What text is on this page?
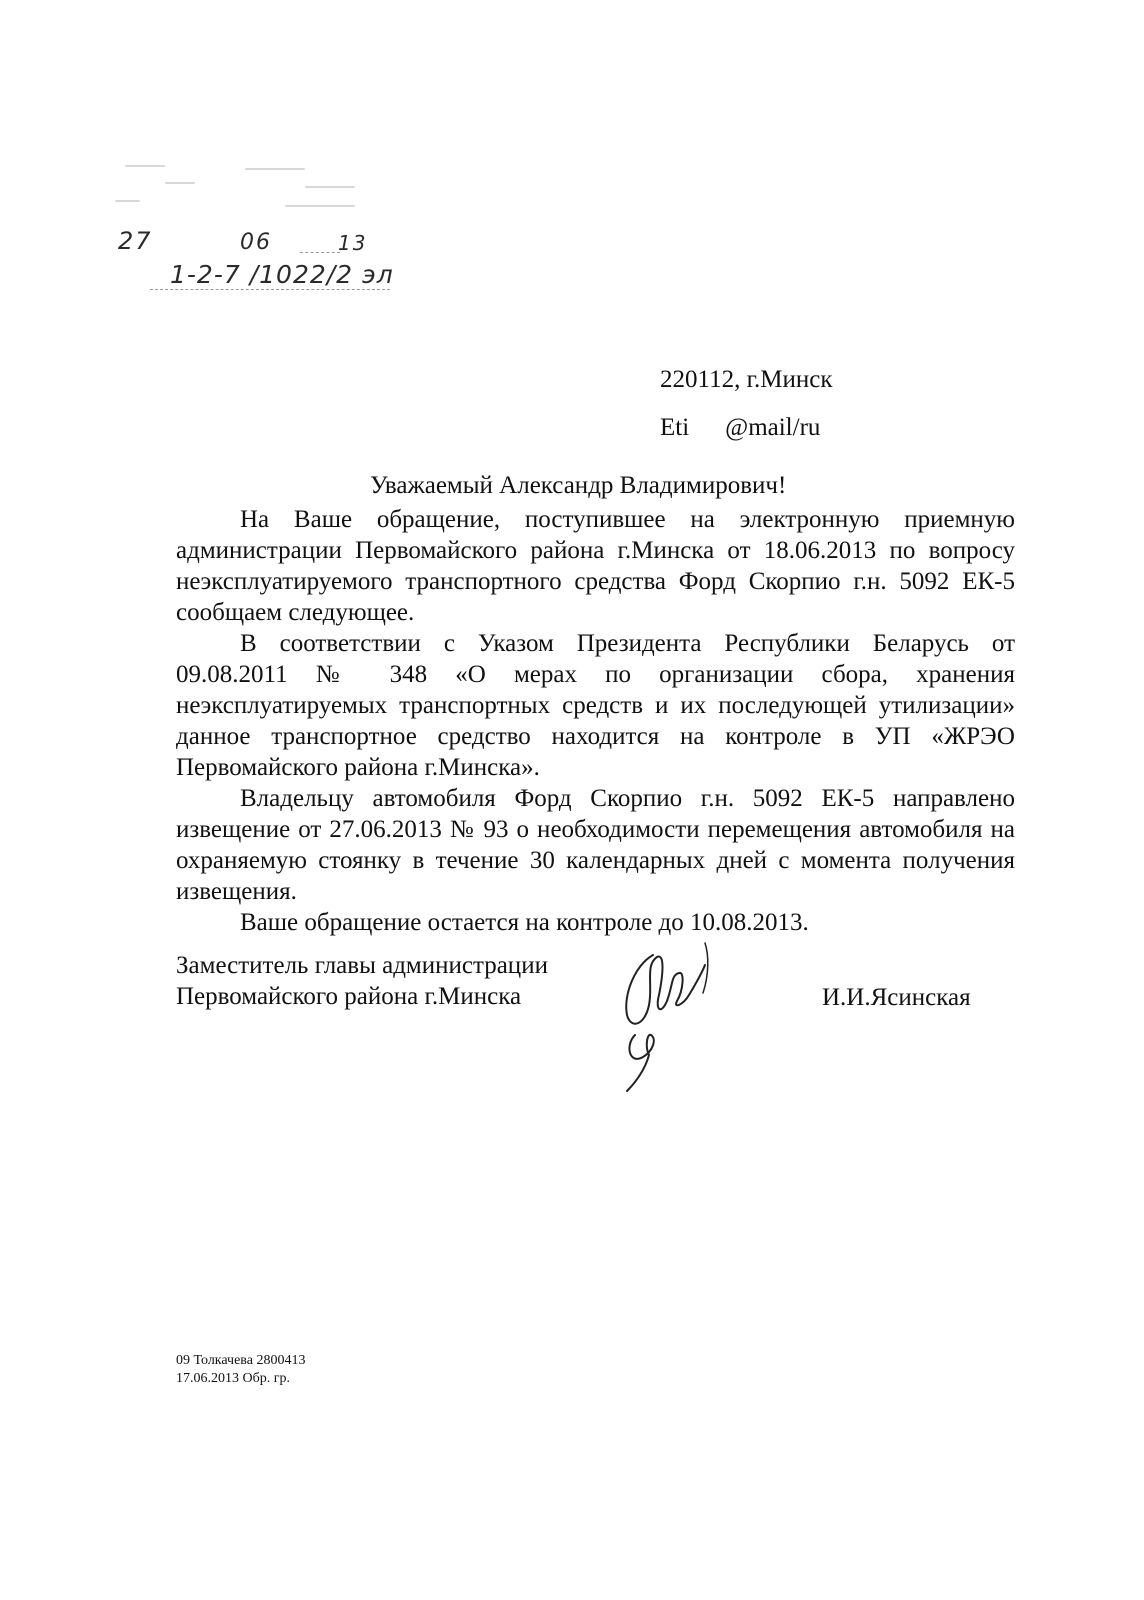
27	06	13
1-2-7 /1022/2 эл
220112, г.Минск
Eti @mail/ru
Уважаемый Александр Владимирович!

На Ваше обращение, поступившее на электронную приемную администрации Первомайского района г.Минска от 18.06.2013 по вопросу неэксплуатируемого транспортного средства Форд Скорпио г.н. 5092 ЕК-5 сообщаем следующее.

В соответствии с Указом Президента Республики Беларусь от 09.08.2011 № 348 «О мерах по организации сбора, хранения неэксплуатируемых транспортных средств и их последующей утилизации» данное транспортное средство находится на контроле в УП «ЖРЭО Первомайского района г.Минска».

Владельцу автомобиля Форд Скорпио г.н. 5092 ЕК-5 направлено извещение от 27.06.2013 № 93 о необходимости перемещения автомобиля на охраняемую стоянку в течение 30 календарных дней с момента получения извещения.

Ваше обращение остается на контроле до 10.08.2013.

Заместитель главы администрации
Первомайского района г.Минска	И.И.Ясинская
09 Толкачева 2800413
17.06.2013 Обр. гр.
